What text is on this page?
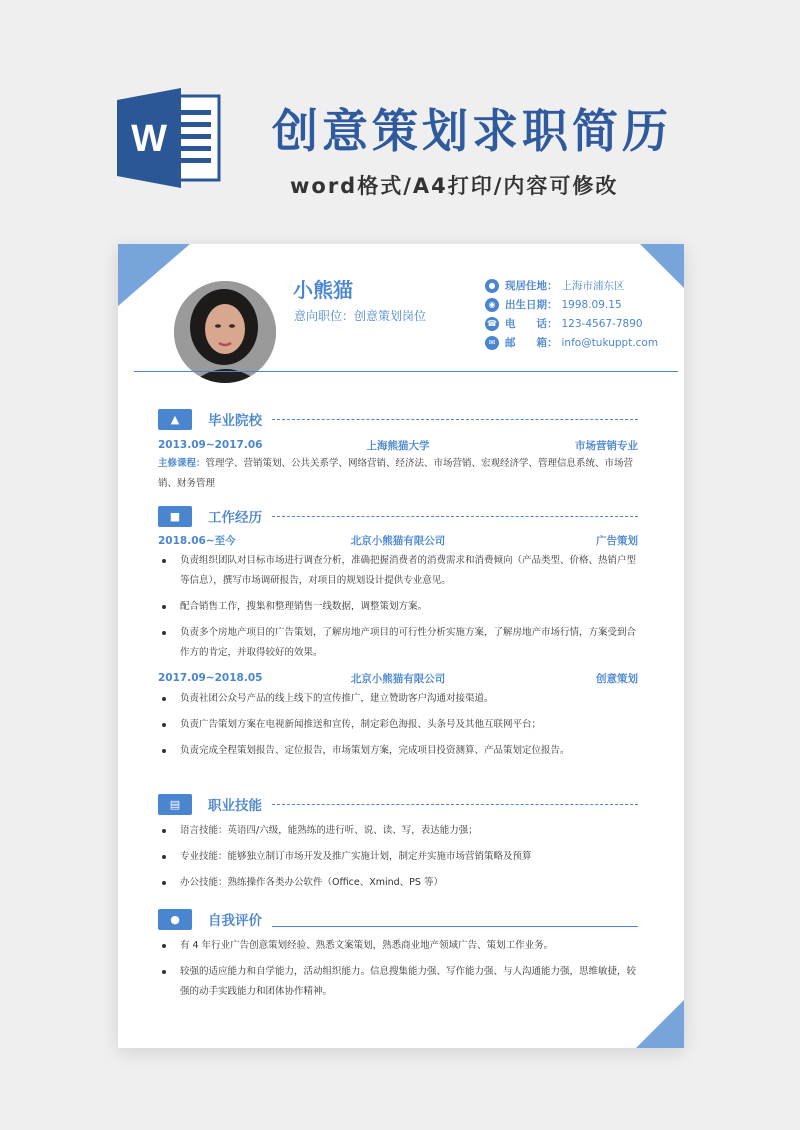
W 创意策划求职简历
word格式/A4打印/内容可修改
小熊猫
意向职位：创意策划岗位
● 现居住地： 上海市浦东区
◉ 出生日期： 1998.09.15
☎ 电　　话： 123-4567-7890
✉ 邮　　箱： info@tukuppt.com
▲	毕业院校
2013.09~2017.06	上海熊猫大学	市场营销专业
主修课程：管理学、营销策划、公共关系学、网络营销、经济法、市场营销、宏观经济学、管理信息系统、市场营销、财务管理
■	工作经历
2018.06~至今	北京小熊猫有限公司	广告策划
负责组织团队对目标市场进行调查分析，准确把握消费者的消费需求和消费倾向（产品类型、价格、热销户型等信息），撰写市场调研报告，对项目的规划设计提供专业意见。
配合销售工作，搜集和整理销售一线数据，调整策划方案。
负责多个房地产项目的广告策划，了解房地产项目的可行性分析实施方案，了解房地产市场行情，方案受到合作方的肯定，并取得较好的效果。
2017.09~2018.05	北京小熊猫有限公司	创意策划
负责社团公众号产品的线上线下的宣传推广，建立赞助客户沟通对接渠道。
负责广告策划方案在电视新闻推送和宣传，制定彩色海报、头条号及其他互联网平台；
负责完成全程策划报告、定位报告，市场策划方案，完成项目投资测算、产品策划定位报告。
▤	职业技能
语言技能：英语四/六级，能熟练的进行听、说、读、写，表达能力强；
专业技能：能够独立制订市场开发及推广实施计划，制定并实施市场营销策略及预算
办公技能：熟练操作各类办公软件（Office、Xmind、PS 等）
●	自我评价
有 4 年行业广告创意策划经验、熟悉文案策划，熟悉商业地产领域广告、策划工作业务。
较强的适应能力和自学能力，活动组织能力。信息搜集能力强、写作能力强、与人沟通能力强，思维敏捷，较强的动手实践能力和团体协作精神。
